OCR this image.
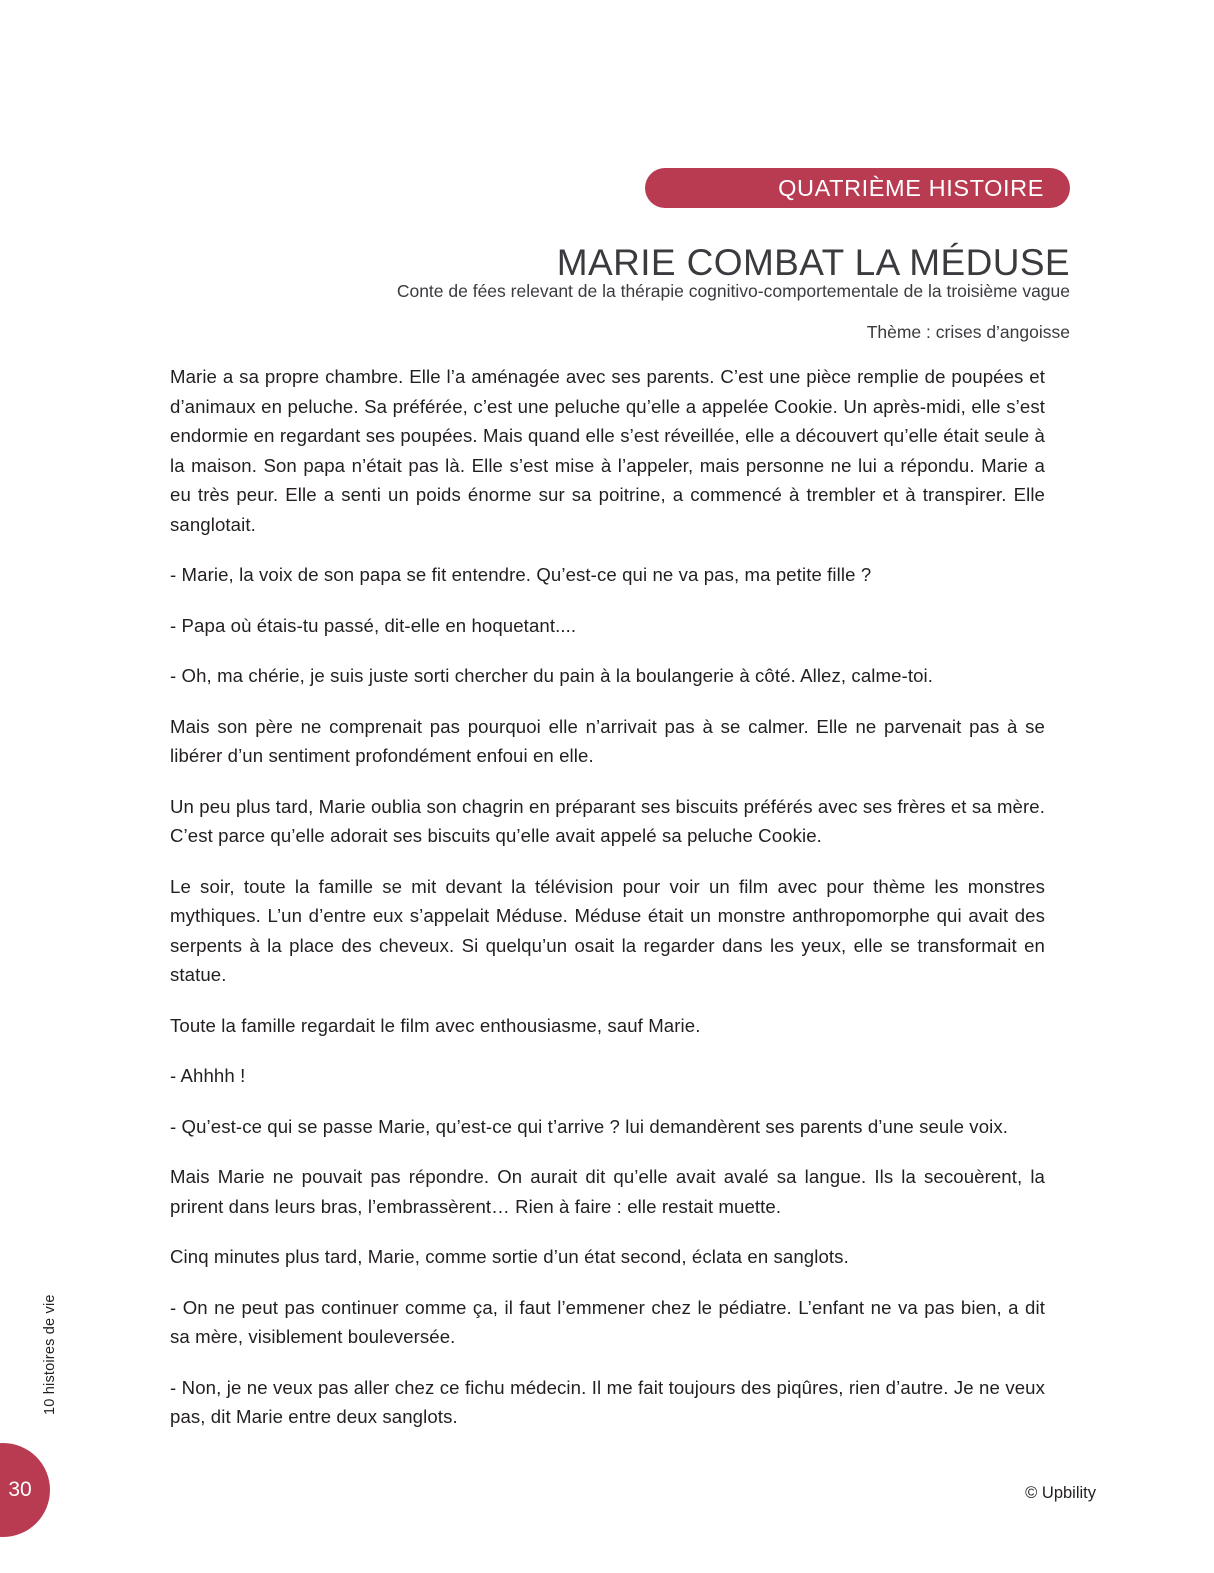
QUATRIÈME HISTOIRE
MARIE COMBAT LA MÉDUSE
Conte de fées relevant de la thérapie cognitivo-comportementale de la troisième vague
Thème : crises d’angoisse

Marie a sa propre chambre. Elle l’a aménagée avec ses parents. C’est une pièce remplie de poupées et d’animaux en peluche. Sa préférée, c’est une peluche qu’elle a appelée Cookie. Un après-midi, elle s’est endormie en regardant ses poupées. Mais quand elle s’est réveillée, elle a découvert qu’elle était seule à la maison. Son papa n’était pas là. Elle s’est mise à l’appeler, mais personne ne lui a répondu. Marie a eu très peur. Elle a senti un poids énorme sur sa poitrine, a commencé à trembler et à transpirer. Elle sanglotait.

- Marie, la voix de son papa se fit entendre. Qu’est-ce qui ne va pas, ma petite fille ?

- Papa où étais-tu passé, dit-elle en hoquetant....

- Oh, ma chérie, je suis juste sorti chercher du pain à la boulangerie à côté. Allez, calme-toi.

Mais son père ne comprenait pas pourquoi elle n’arrivait pas à se calmer. Elle ne parvenait pas à se libérer d’un sentiment profondément enfoui en elle.

Un peu plus tard, Marie oublia son chagrin en préparant ses biscuits préférés avec ses frères et sa mère. C’est parce qu’elle adorait ses biscuits qu’elle avait appelé sa peluche Cookie.

Le soir, toute la famille se mit devant la télévision pour voir un film avec pour thème les monstres mythiques. L’un d’entre eux s’appelait Méduse. Méduse était un monstre anthropomorphe qui avait des serpents à la place des cheveux. Si quelqu’un osait la regarder dans les yeux, elle se transformait en statue.

Toute la famille regardait le film avec enthousiasme, sauf Marie.

- Ahhhh !

- Qu’est-ce qui se passe Marie, qu’est-ce qui t’arrive ? lui demandèrent ses parents d’une seule voix.

Mais Marie ne pouvait pas répondre. On aurait dit qu’elle avait avalé sa langue. Ils la secouèrent, la prirent dans leurs bras, l’embrassèrent… Rien à faire : elle restait muette.

Cinq minutes plus tard, Marie, comme sortie d’un état second, éclata en sanglots.

- On ne peut pas continuer comme ça, il faut l’emmener chez le pédiatre. L’enfant ne va pas bien, a dit sa mère, visiblement bouleversée.

- Non, je ne veux pas aller chez ce fichu médecin. Il me fait toujours des piqûres, rien d’autre. Je ne veux pas, dit Marie entre deux sanglots.

10 histoires de vie
30	© Upbility
